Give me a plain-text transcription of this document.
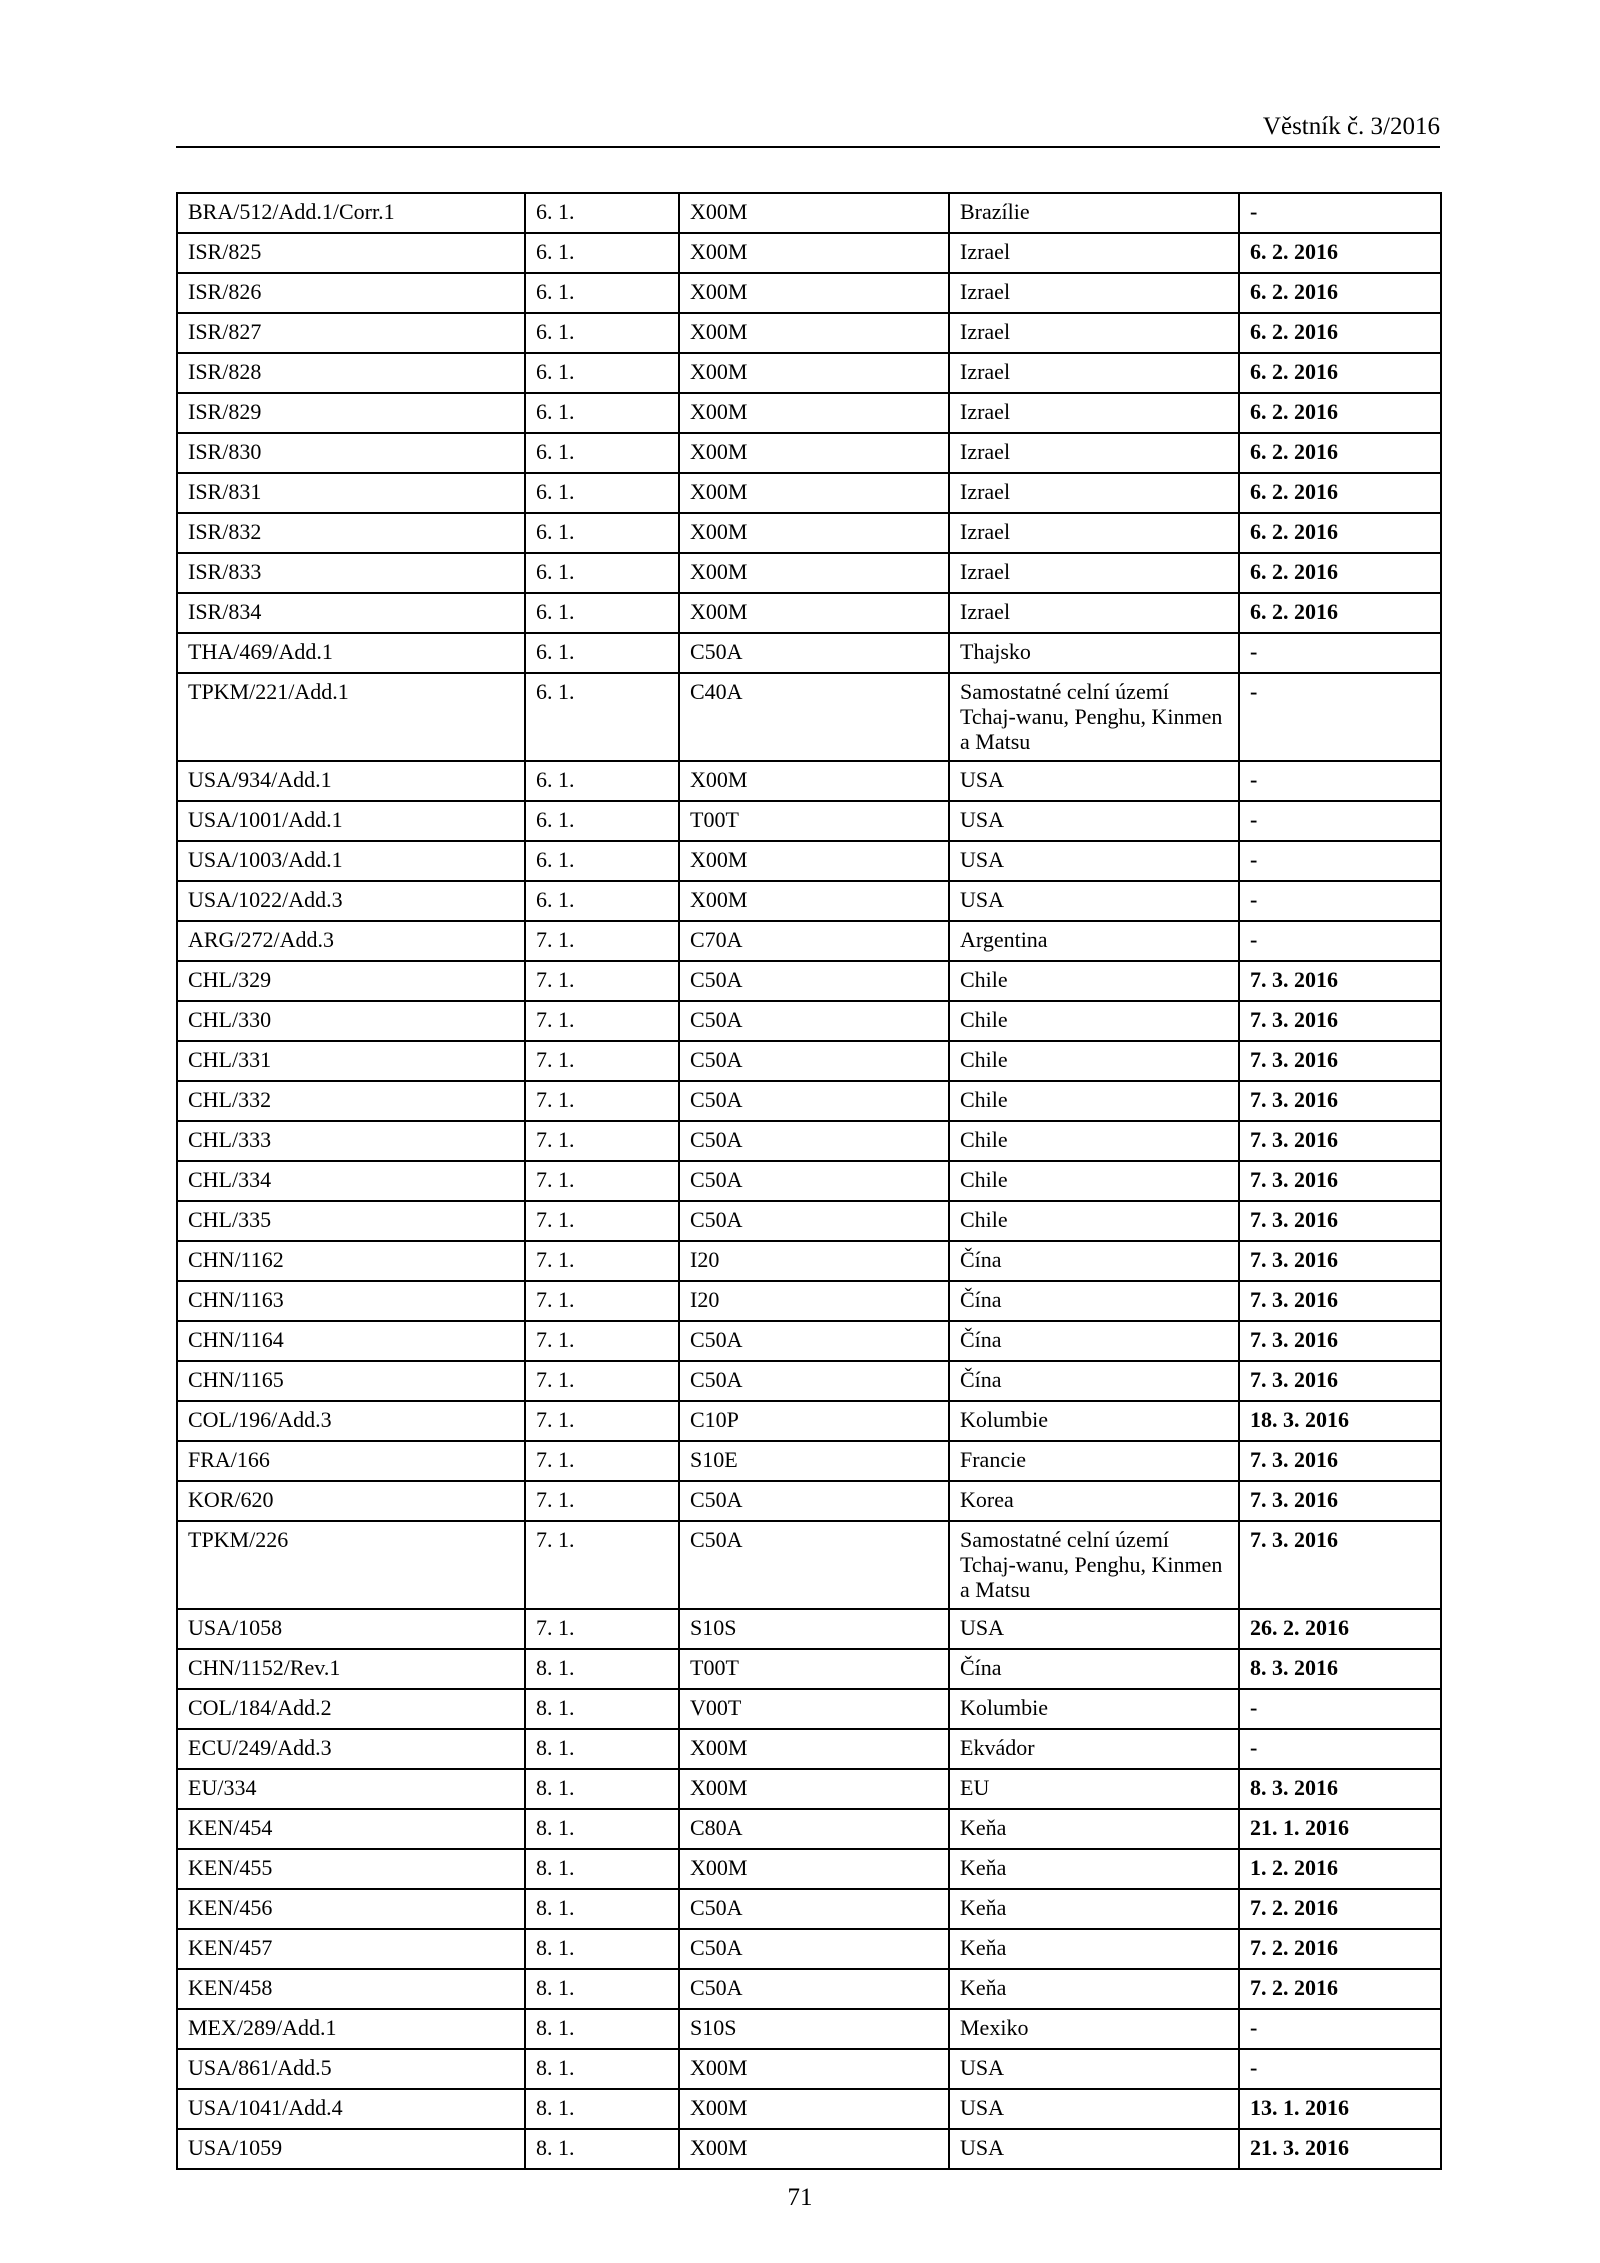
Věstník č. 3/2016
BRA/512/Add.1/Corr.1	6. 1.	X00M	Brazílie	-
ISR/825	6. 1.	X00M	Izrael	6. 2. 2016
ISR/826	6. 1.	X00M	Izrael	6. 2. 2016
ISR/827	6. 1.	X00M	Izrael	6. 2. 2016
ISR/828	6. 1.	X00M	Izrael	6. 2. 2016
ISR/829	6. 1.	X00M	Izrael	6. 2. 2016
ISR/830	6. 1.	X00M	Izrael	6. 2. 2016
ISR/831	6. 1.	X00M	Izrael	6. 2. 2016
ISR/832	6. 1.	X00M	Izrael	6. 2. 2016
ISR/833	6. 1.	X00M	Izrael	6. 2. 2016
ISR/834	6. 1.	X00M	Izrael	6. 2. 2016
THA/469/Add.1	6. 1.	C50A	Thajsko	-
TPKM/221/Add.1	6. 1.	C40A	Samostatné celní území Tchaj-wanu, Penghu, Kinmen a Matsu	-
USA/934/Add.1	6. 1.	X00M	USA	-
USA/1001/Add.1	6. 1.	T00T	USA	-
USA/1003/Add.1	6. 1.	X00M	USA	-
USA/1022/Add.3	6. 1.	X00M	USA	-
ARG/272/Add.3	7. 1.	C70A	Argentina	-
CHL/329	7. 1.	C50A	Chile	7. 3. 2016
CHL/330	7. 1.	C50A	Chile	7. 3. 2016
CHL/331	7. 1.	C50A	Chile	7. 3. 2016
CHL/332	7. 1.	C50A	Chile	7. 3. 2016
CHL/333	7. 1.	C50A	Chile	7. 3. 2016
CHL/334	7. 1.	C50A	Chile	7. 3. 2016
CHL/335	7. 1.	C50A	Chile	7. 3. 2016
CHN/1162	7. 1.	I20	Čína	7. 3. 2016
CHN/1163	7. 1.	I20	Čína	7. 3. 2016
CHN/1164	7. 1.	C50A	Čína	7. 3. 2016
CHN/1165	7. 1.	C50A	Čína	7. 3. 2016
COL/196/Add.3	7. 1.	C10P	Kolumbie	18. 3. 2016
FRA/166	7. 1.	S10E	Francie	7. 3. 2016
KOR/620	7. 1.	C50A	Korea	7. 3. 2016
TPKM/226	7. 1.	C50A	Samostatné celní území Tchaj-wanu, Penghu, Kinmen a Matsu	7. 3. 2016
USA/1058	7. 1.	S10S	USA	26. 2. 2016
CHN/1152/Rev.1	8. 1.	T00T	Čína	8. 3. 2016
COL/184/Add.2	8. 1.	V00T	Kolumbie	-
ECU/249/Add.3	8. 1.	X00M	Ekvádor	-
EU/334	8. 1.	X00M	EU	8. 3. 2016
KEN/454	8. 1.	C80A	Keňa	21. 1. 2016
KEN/455	8. 1.	X00M	Keňa	1. 2. 2016
KEN/456	8. 1.	C50A	Keňa	7. 2. 2016
KEN/457	8. 1.	C50A	Keňa	7. 2. 2016
KEN/458	8. 1.	C50A	Keňa	7. 2. 2016
MEX/289/Add.1	8. 1.	S10S	Mexiko	-
USA/861/Add.5	8. 1.	X00M	USA	-
USA/1041/Add.4	8. 1.	X00M	USA	13. 1. 2016
USA/1059	8. 1.	X00M	USA	21. 3. 2016
71
